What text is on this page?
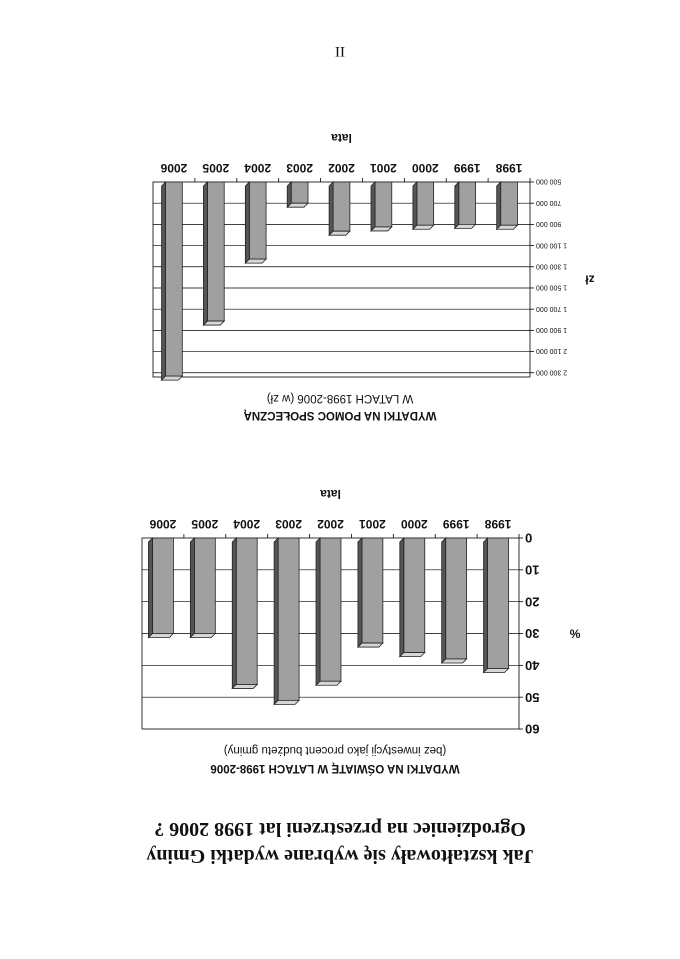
Jak kształtowały się wybrane wydatki Gminy
Ogrodzieniec na przestrzeni lat 1998 2006 ?
WYDATKI NA OŚWIATĘ W LATACH 1998-2006
(bez inwestycji jako procent budżetu gminy)
0
10
20
30
40
50
60
1998
1999
2000
2001
2002
2003
2004
2005
2006
%
lata
WYDATKI NA POMOC SPOŁECZNĄ
W LATACH 1998-2006 (w zł)
500 000
700 000
900 000
1 100 000
1 300 000
1 500 000
1 700 000
1 900 000
2 100 000
2 300 000
1998
1999
2000
2001
2002
2003
2004
2005
2006
zł
lata
II
